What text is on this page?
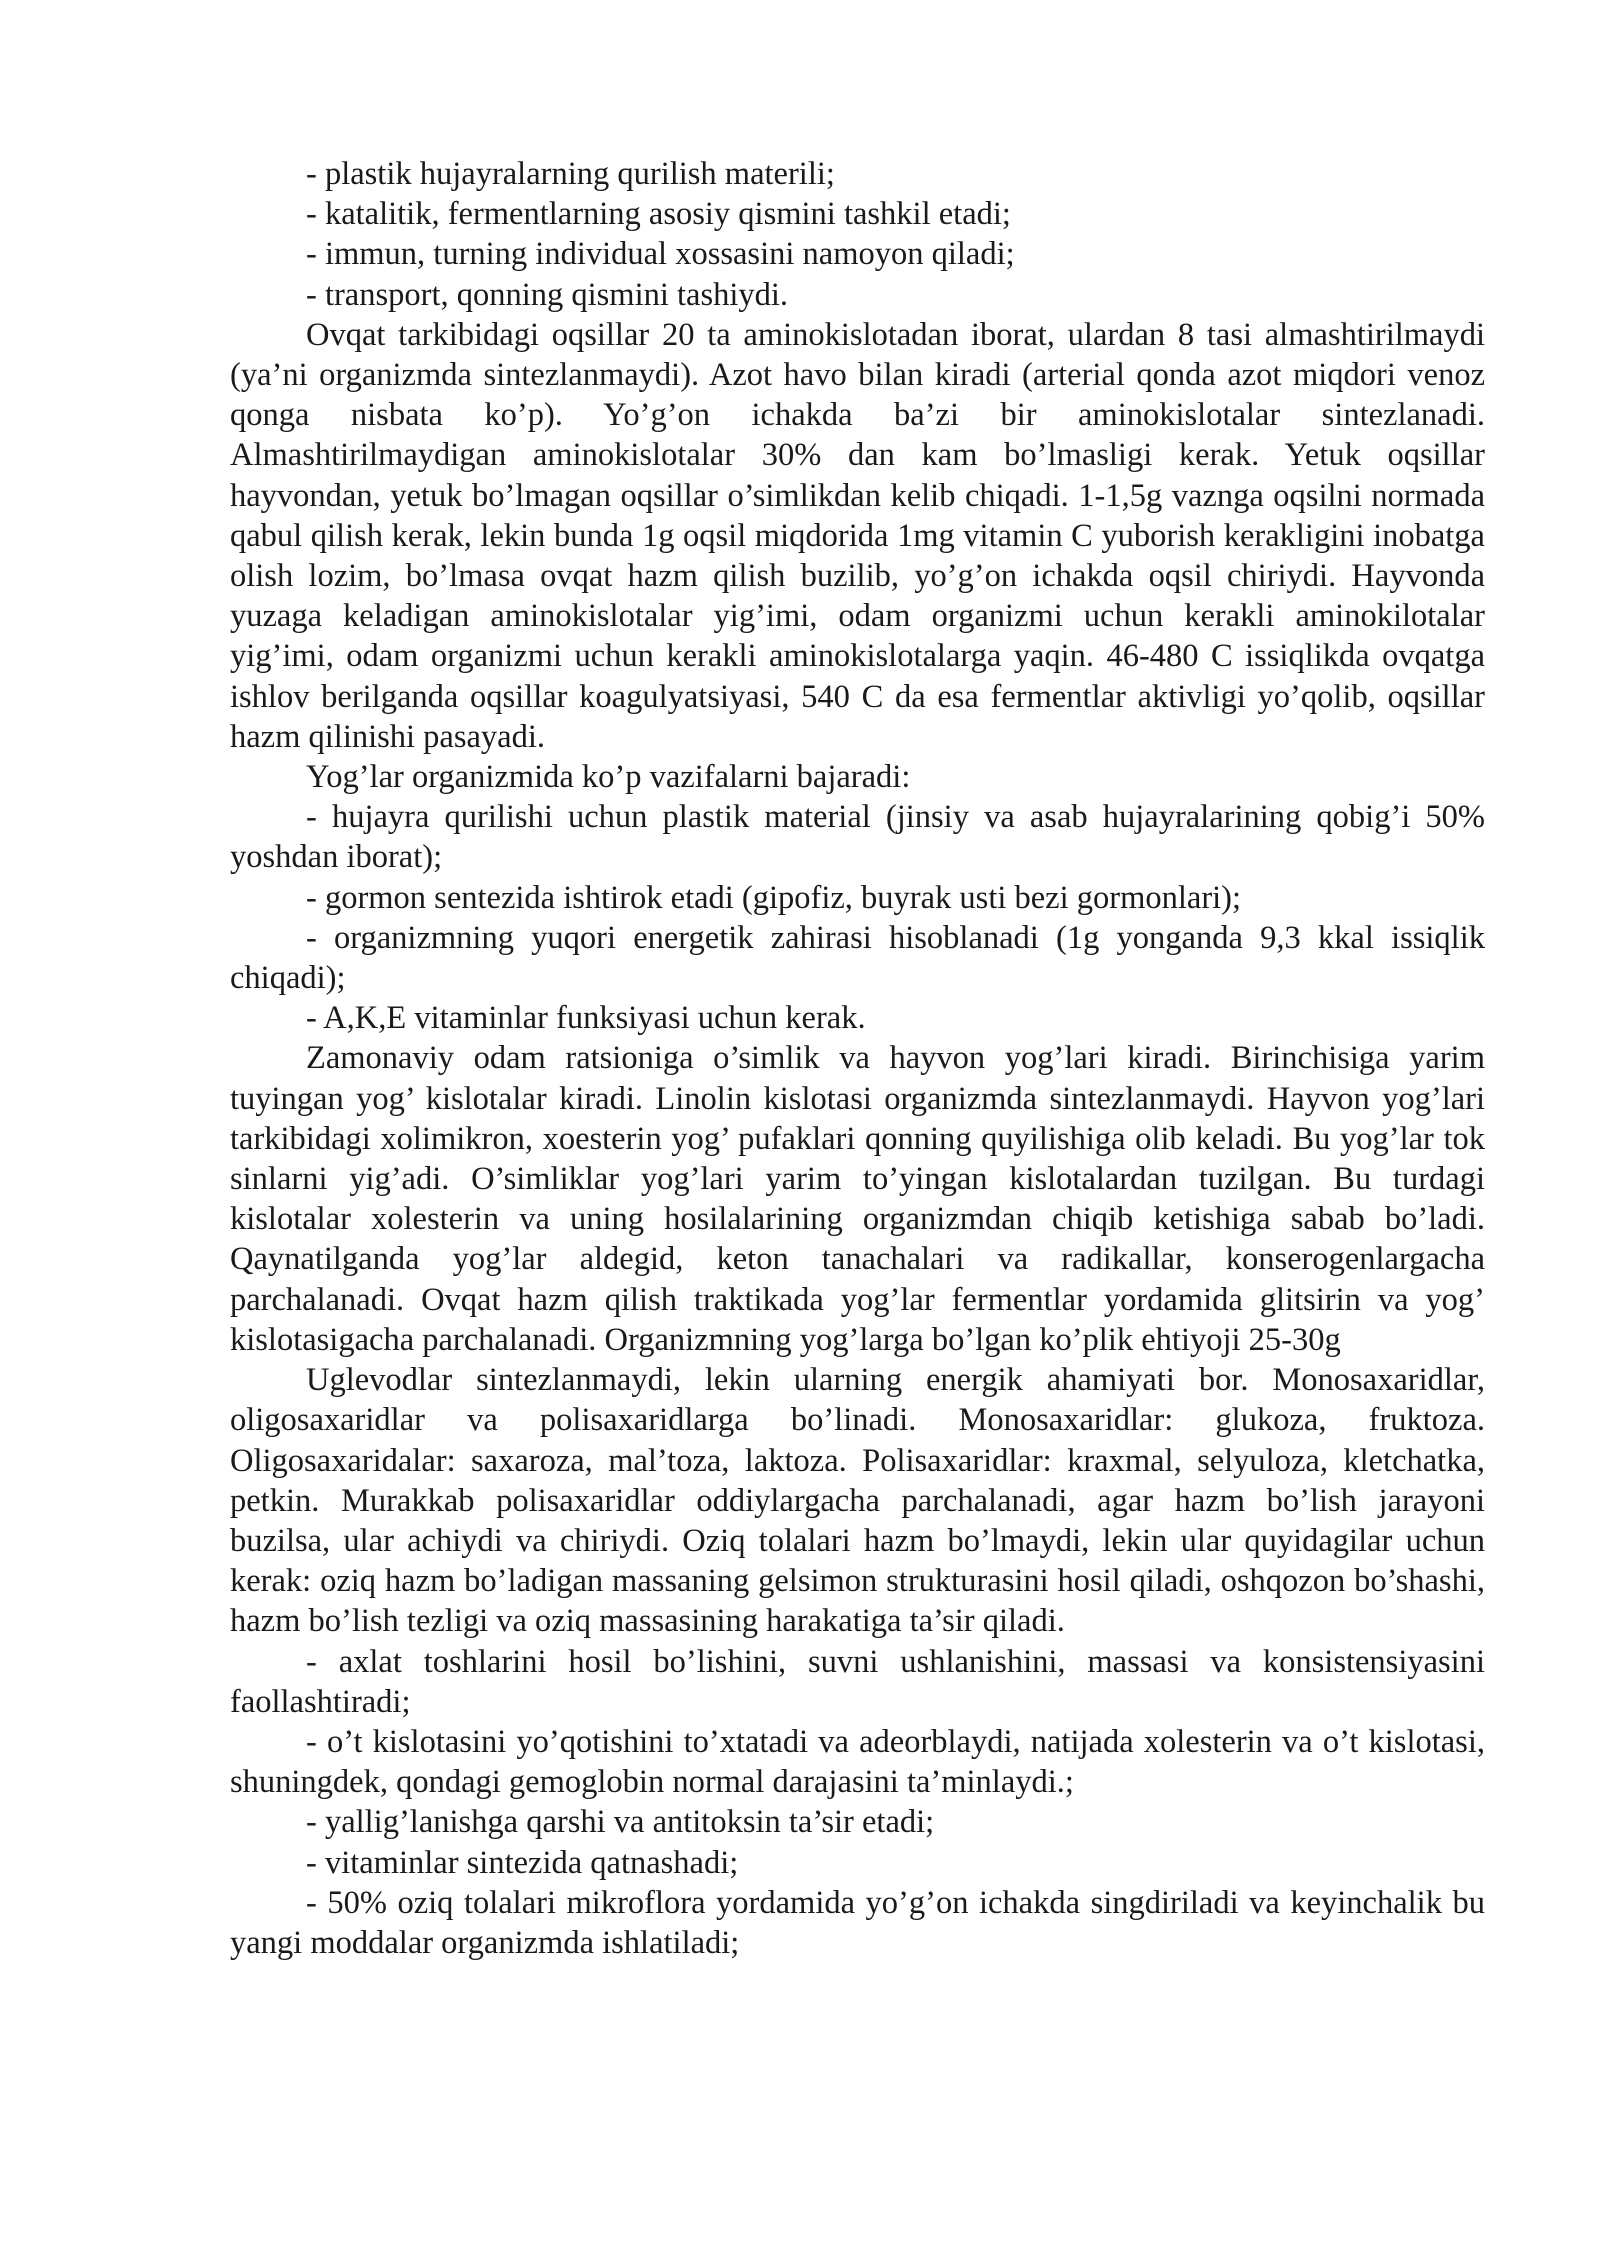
- plastik hujayralarning qurilish materili;

- katalitik, fermentlarning asosiy qismini tashkil etadi;

- immun, turning individual xossasini namoyon qiladi;

- transport, qonning qismini tashiydi.

Ovqat tarkibidagi oqsillar 20 ta aminokislotadan iborat, ulardan 8 tasi almashtirilmaydi (ya’ni organizmda sintezlanmaydi). Azot havo bilan kiradi (arterial qonda azot miqdori venoz qonga nisbata ko’p). Yo’g’on ichakda ba’zi bir aminokislotalar sintezlanadi. Almashtirilmaydigan aminokislotalar 30% dan kam bo’lmasligi kerak. Yetuk oqsillar hayvondan, yetuk bo’lmagan oqsillar o’simlikdan kelib chiqadi. 1-1,5g vaznga oqsilni normada qabul qilish kerak, lekin bunda 1g oqsil miqdorida 1mg vitamin C yuborish kerakligini inobatga olish lozim, bo’lmasa ovqat hazm qilish buzilib, yo’g’on ichakda oqsil chiriydi. Hayvonda yuzaga keladigan aminokislotalar yig’imi, odam organizmi uchun kerakli aminokilotalar yig’imi, odam organizmi uchun kerakli aminokislotalarga yaqin. 46-480 C issiqlikda ovqatga ishlov berilganda oqsillar koagulyatsiyasi, 540 C da esa fermentlar aktivligi yo’qolib, oqsillar hazm qilinishi pasayadi.

Yog’lar organizmida ko’p vazifalarni bajaradi:

- hujayra qurilishi uchun plastik material (jinsiy va asab hujayralarining qobig’i 50% yoshdan iborat);

- gormon sentezida ishtirok etadi (gipofiz, buyrak usti bezi gormonlari);

- organizmning yuqori energetik zahirasi hisoblanadi (1g yonganda 9,3 kkal issiqlik chiqadi);

- A,K,E vitaminlar funksiyasi uchun kerak.

Zamonaviy odam ratsioniga o’simlik va hayvon yog’lari kiradi. Birinchisiga yarim tuyingan yog’ kislotalar kiradi. Linolin kislotasi organizmda sintezlanmaydi. Hayvon yog’lari tarkibidagi xolimikron, xoesterin yog’ pufaklari qonning quyilishiga olib keladi. Bu yog’lar tok sinlarni yig’adi. O’simliklar yog’lari yarim to’yingan kislotalardan tuzilgan. Bu turdagi kislotalar xolesterin va uning hosilalarining organizmdan chiqib ketishiga sabab bo’ladi. Qaynatilganda yog’lar aldegid, keton tanachalari va radikallar, konserogenlargacha parchalanadi. Ovqat hazm qilish traktikada yog’lar fermentlar yordamida glitsirin va yog’ kislotasigacha parchalanadi. Organizmning yog’larga bo’lgan ko’plik ehtiyoji 25-30g

Uglevodlar sintezlanmaydi, lekin ularning energik ahamiyati bor. Monosaxaridlar, oligosaxaridlar va polisaxaridlarga bo’linadi. Monosaxaridlar: glukoza, fruktoza. Oligosaxaridalar: saxaroza, mal’toza, laktoza. Polisaxaridlar: kraxmal, selyuloza, kletchatka, petkin. Murakkab polisaxaridlar oddiylargacha parchalanadi, agar hazm bo’lish jarayoni buzilsa, ular achiydi va chiriydi. Oziq tolalari hazm bo’lmaydi, lekin ular quyidagilar uchun kerak: oziq hazm bo’ladigan massaning gelsimon strukturasini hosil qiladi, oshqozon bo’shashi, hazm bo’lish tezligi va oziq massasining harakatiga ta’sir qiladi.

- axlat toshlarini hosil bo’lishini, suvni ushlanishini, massasi va konsistensiyasini faollashtiradi;

- o’t kislotasini yo’qotishini to’xtatadi va adeorblaydi, natijada xolesterin va o’t kislotasi, shuningdek, qondagi gemoglobin normal darajasini ta’minlaydi.;

- yallig’lanishga qarshi va antitoksin ta’sir etadi;

- vitaminlar sintezida qatnashadi;

- 50% oziq tolalari mikroflora yordamida yo’g’on ichakda singdiriladi va keyinchalik bu yangi moddalar organizmda ishlatiladi;
